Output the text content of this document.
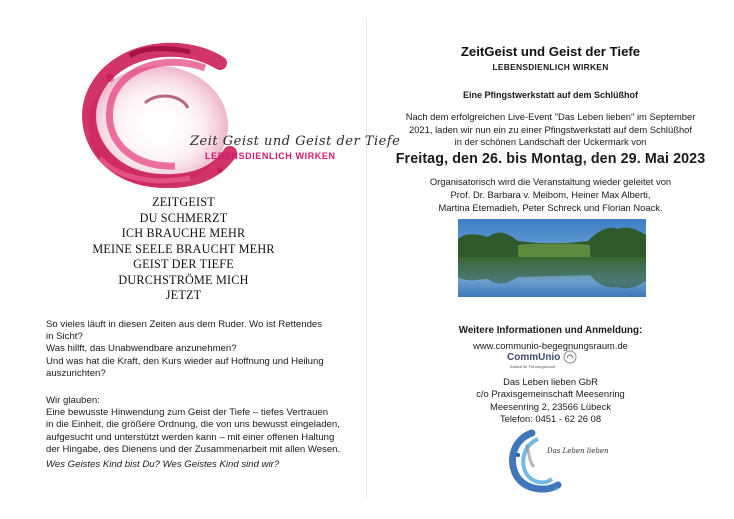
Zeit Geist und Geist der Tiefe
LEBENSDIENLICH WIRKEN
ZEITGEIST
DU SCHMERZT
ICH BRAUCHE MEHR
MEINE SEELE BRAUCHT MEHR
GEIST DER TIEFE
DURCHSTRÖME MICH
JETZT
So vieles läuft in diesen Zeiten aus dem Ruder. Wo ist Rettendes
in Sicht?
Was hillft, das Unabwendbare anzunehmen?
Und was hat die Kraft, den Kurs wieder auf Hoffnung und Heilung
auszurichten?
Wir glauben:
Eine bewusste Hinwendung zum Geist der Tiefe – tiefes Vertrauen
in die Einheit, die größere Ordnung, die von uns bewusst eingeladen,
aufgesucht und unterstützt werden kann – mit einer offenen Haltung
der Hingabe, des Dienens und der Zusammenarbeit mit allen Wesen.
Wes Geistes Kind bist Du? Wes Geistes Kind sind wir?
ZeitGeist und Geist der Tiefe
LEBENSDIENLICH WIRKEN
Eine Pfingstwerkstatt auf dem Schlüßhof
Nach dem erfolgreichen Live-Event "Das Leben lieben" im September
2021, laden wir nun ein zu einer Pfingstwerkstatt auf dem Schlüßhof
in der schönen Landschaft der Uckermark von
Freitag, den 26. bis Montag, den 29. Mai 2023
Organisatorisch wird die Veranstaltung wieder geleitet von
Prof. Dr. Barbara v. Meibom, Heiner Max Alberti,
Martina Etemadieh, Peter Schreck und Florian Noack.
Weitere Informationen und Anmeldung:
www.communio-begegnungsraum.de
CommUnio
Institut für Führungskunst
Das Leben lieben GbR
c/o Praxisgemeinschaft Meesenring
Meesenring 2, 23566 Lübeck
Telefon: 0451 - 62 26 08
Das Leben lieben
